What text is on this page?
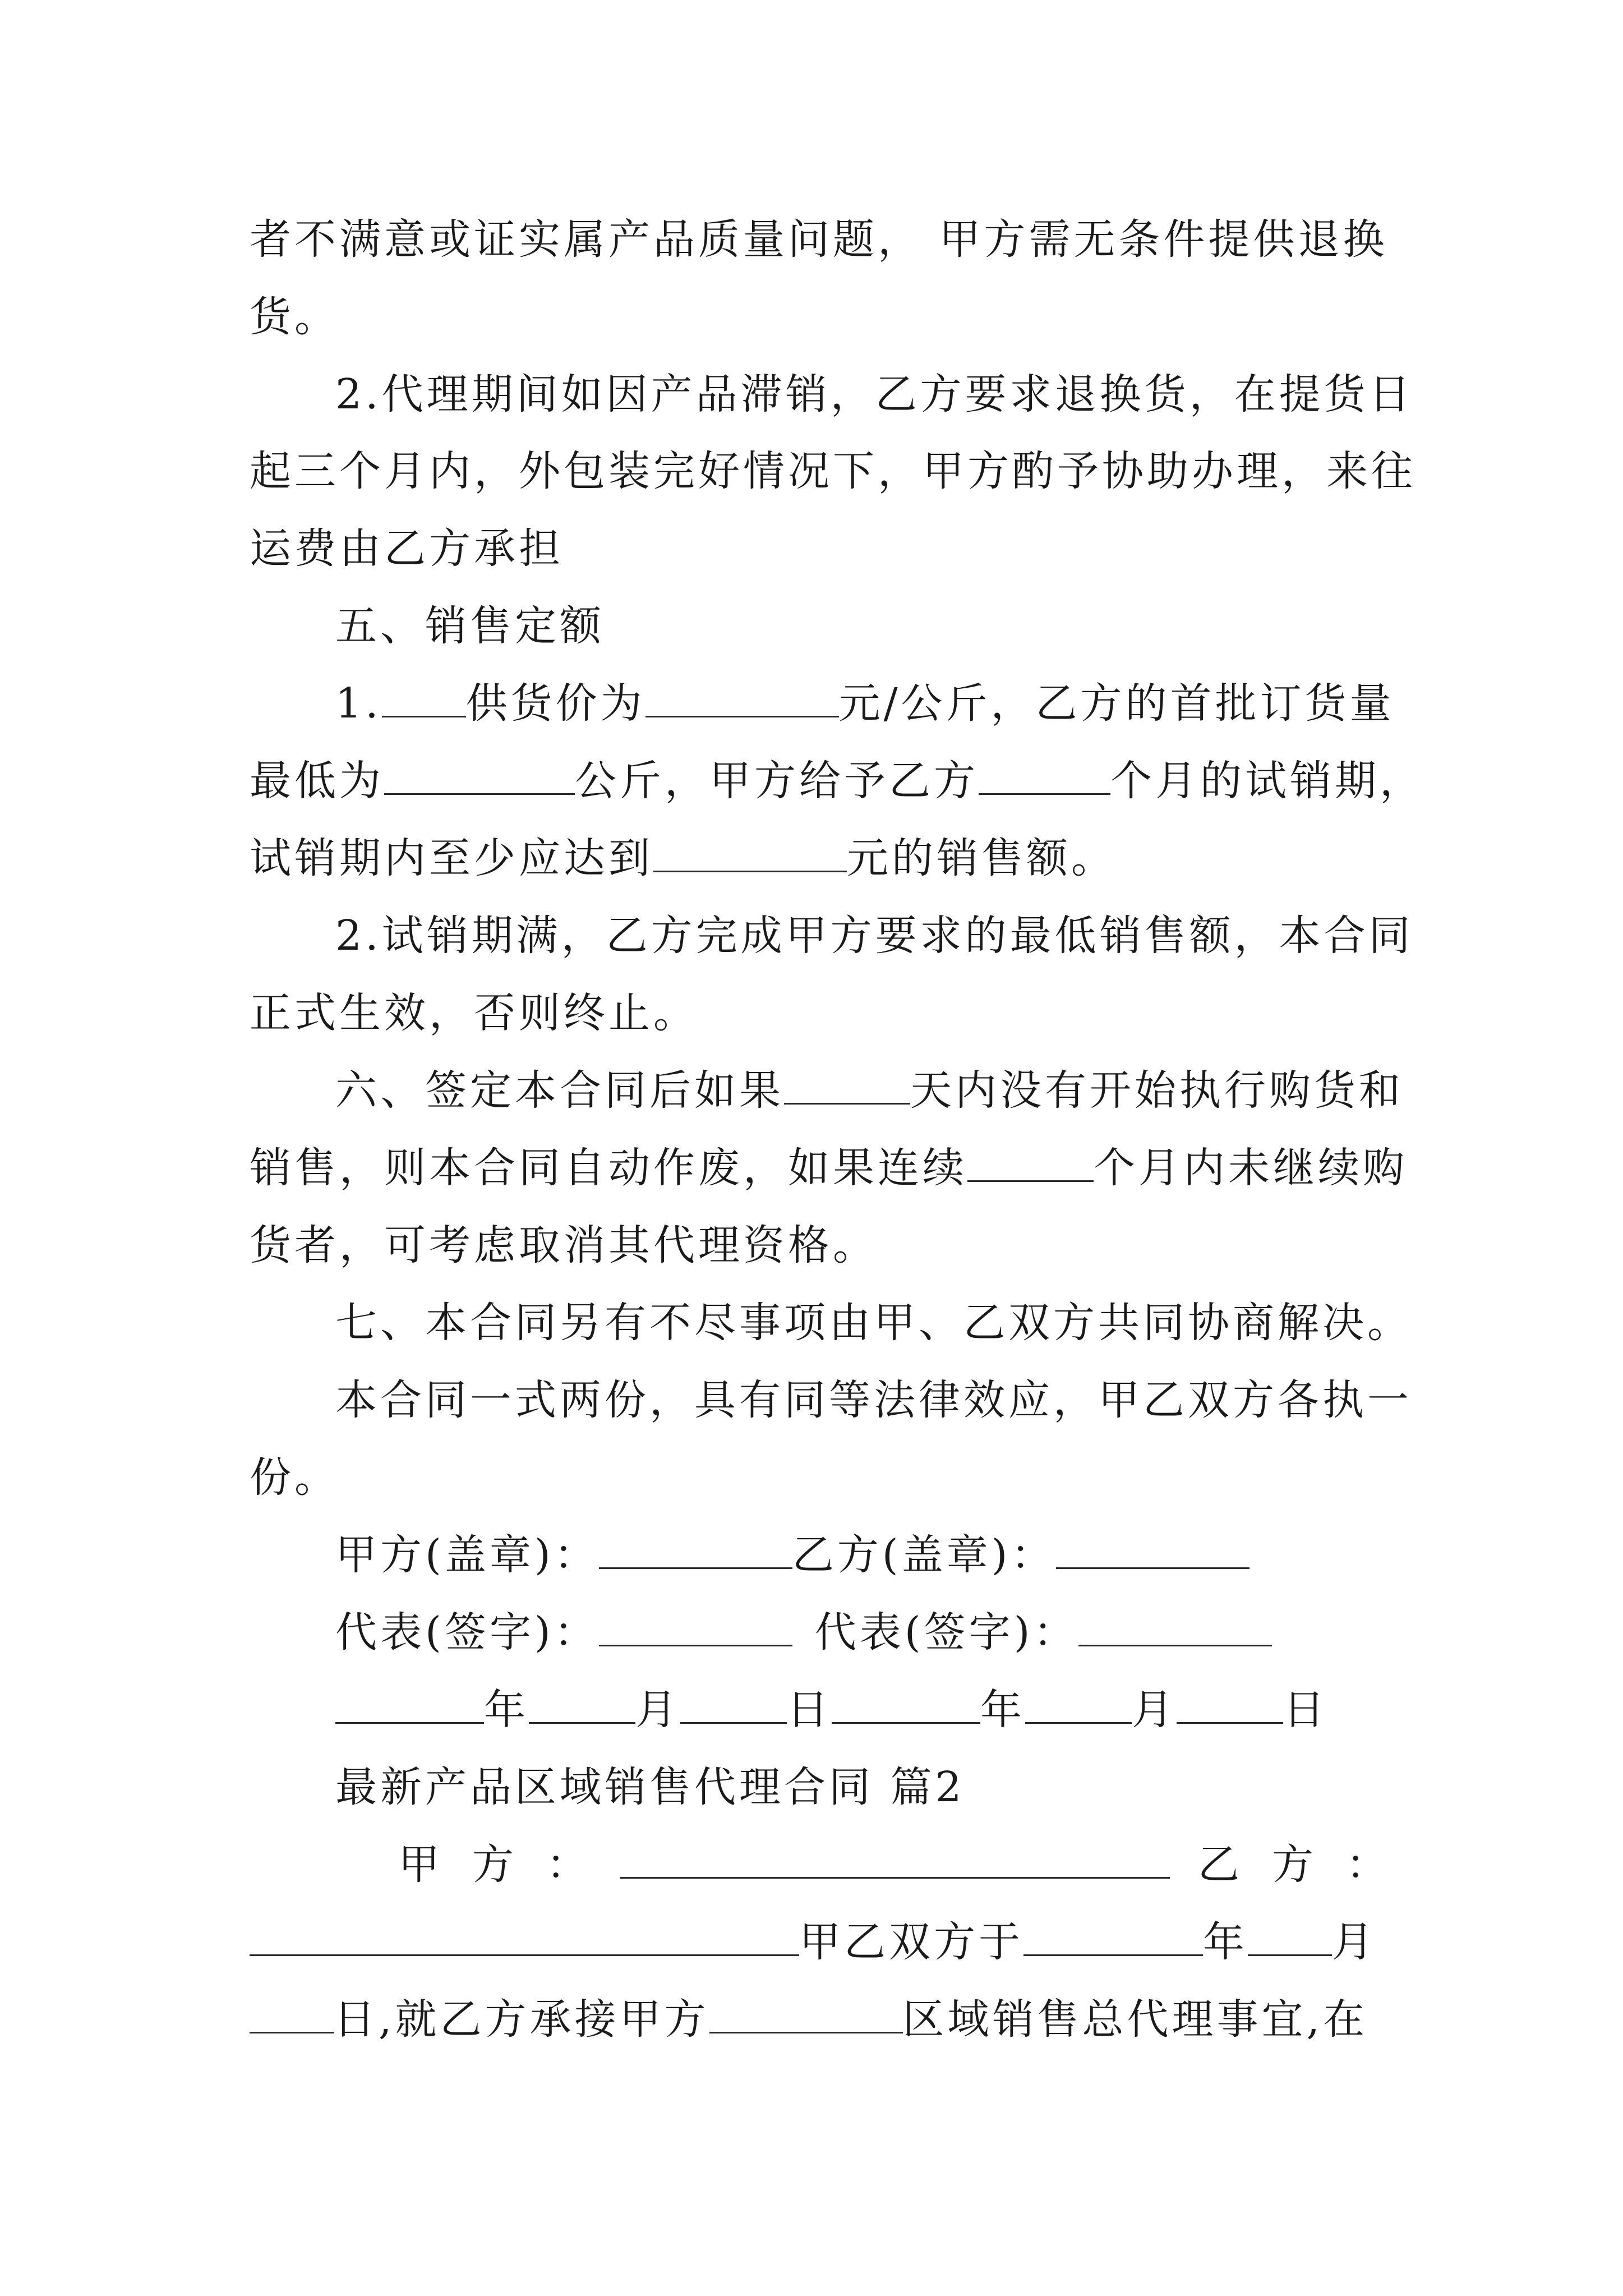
者不满意或证实属产品质量问题， 甲方需无条件提供退换
货。
2.代理期间如因产品滞销，乙方要求退换货，在提货日
起三个月内，外包装完好情况下，甲方酌予协助办理，来往
运费由乙方承担
五、销售定额
1. 供货价为	元/公斤，乙方的首批订货量
最低为	公斤，甲方给予乙方	个月的试销期，
试销期内至少应达到	元的销售额。
2.试销期满，乙方完成甲方要求的最低销售额，本合同
正式生效，否则终止。
六、签定本合同后如果	天内没有开始执行购货和
销售，则本合同自动作废，如果连续	个月内未继续购
货者，可考虑取消其代理资格。
七、本合同另有不尽事项由甲、乙双方共同协商解决。
本合同一式两份，具有同等法律效应，甲乙双方各执一
份。
甲方(盖章)：	乙方(盖章)：
代表(签字)：	代表(签字)：
年	月	日	年	月	日
最新产品区域销售代理合同 篇2
甲方：	乙方：
甲乙双方于	年 月
日,就乙方承接甲方	区域销售总代理事宜,在
